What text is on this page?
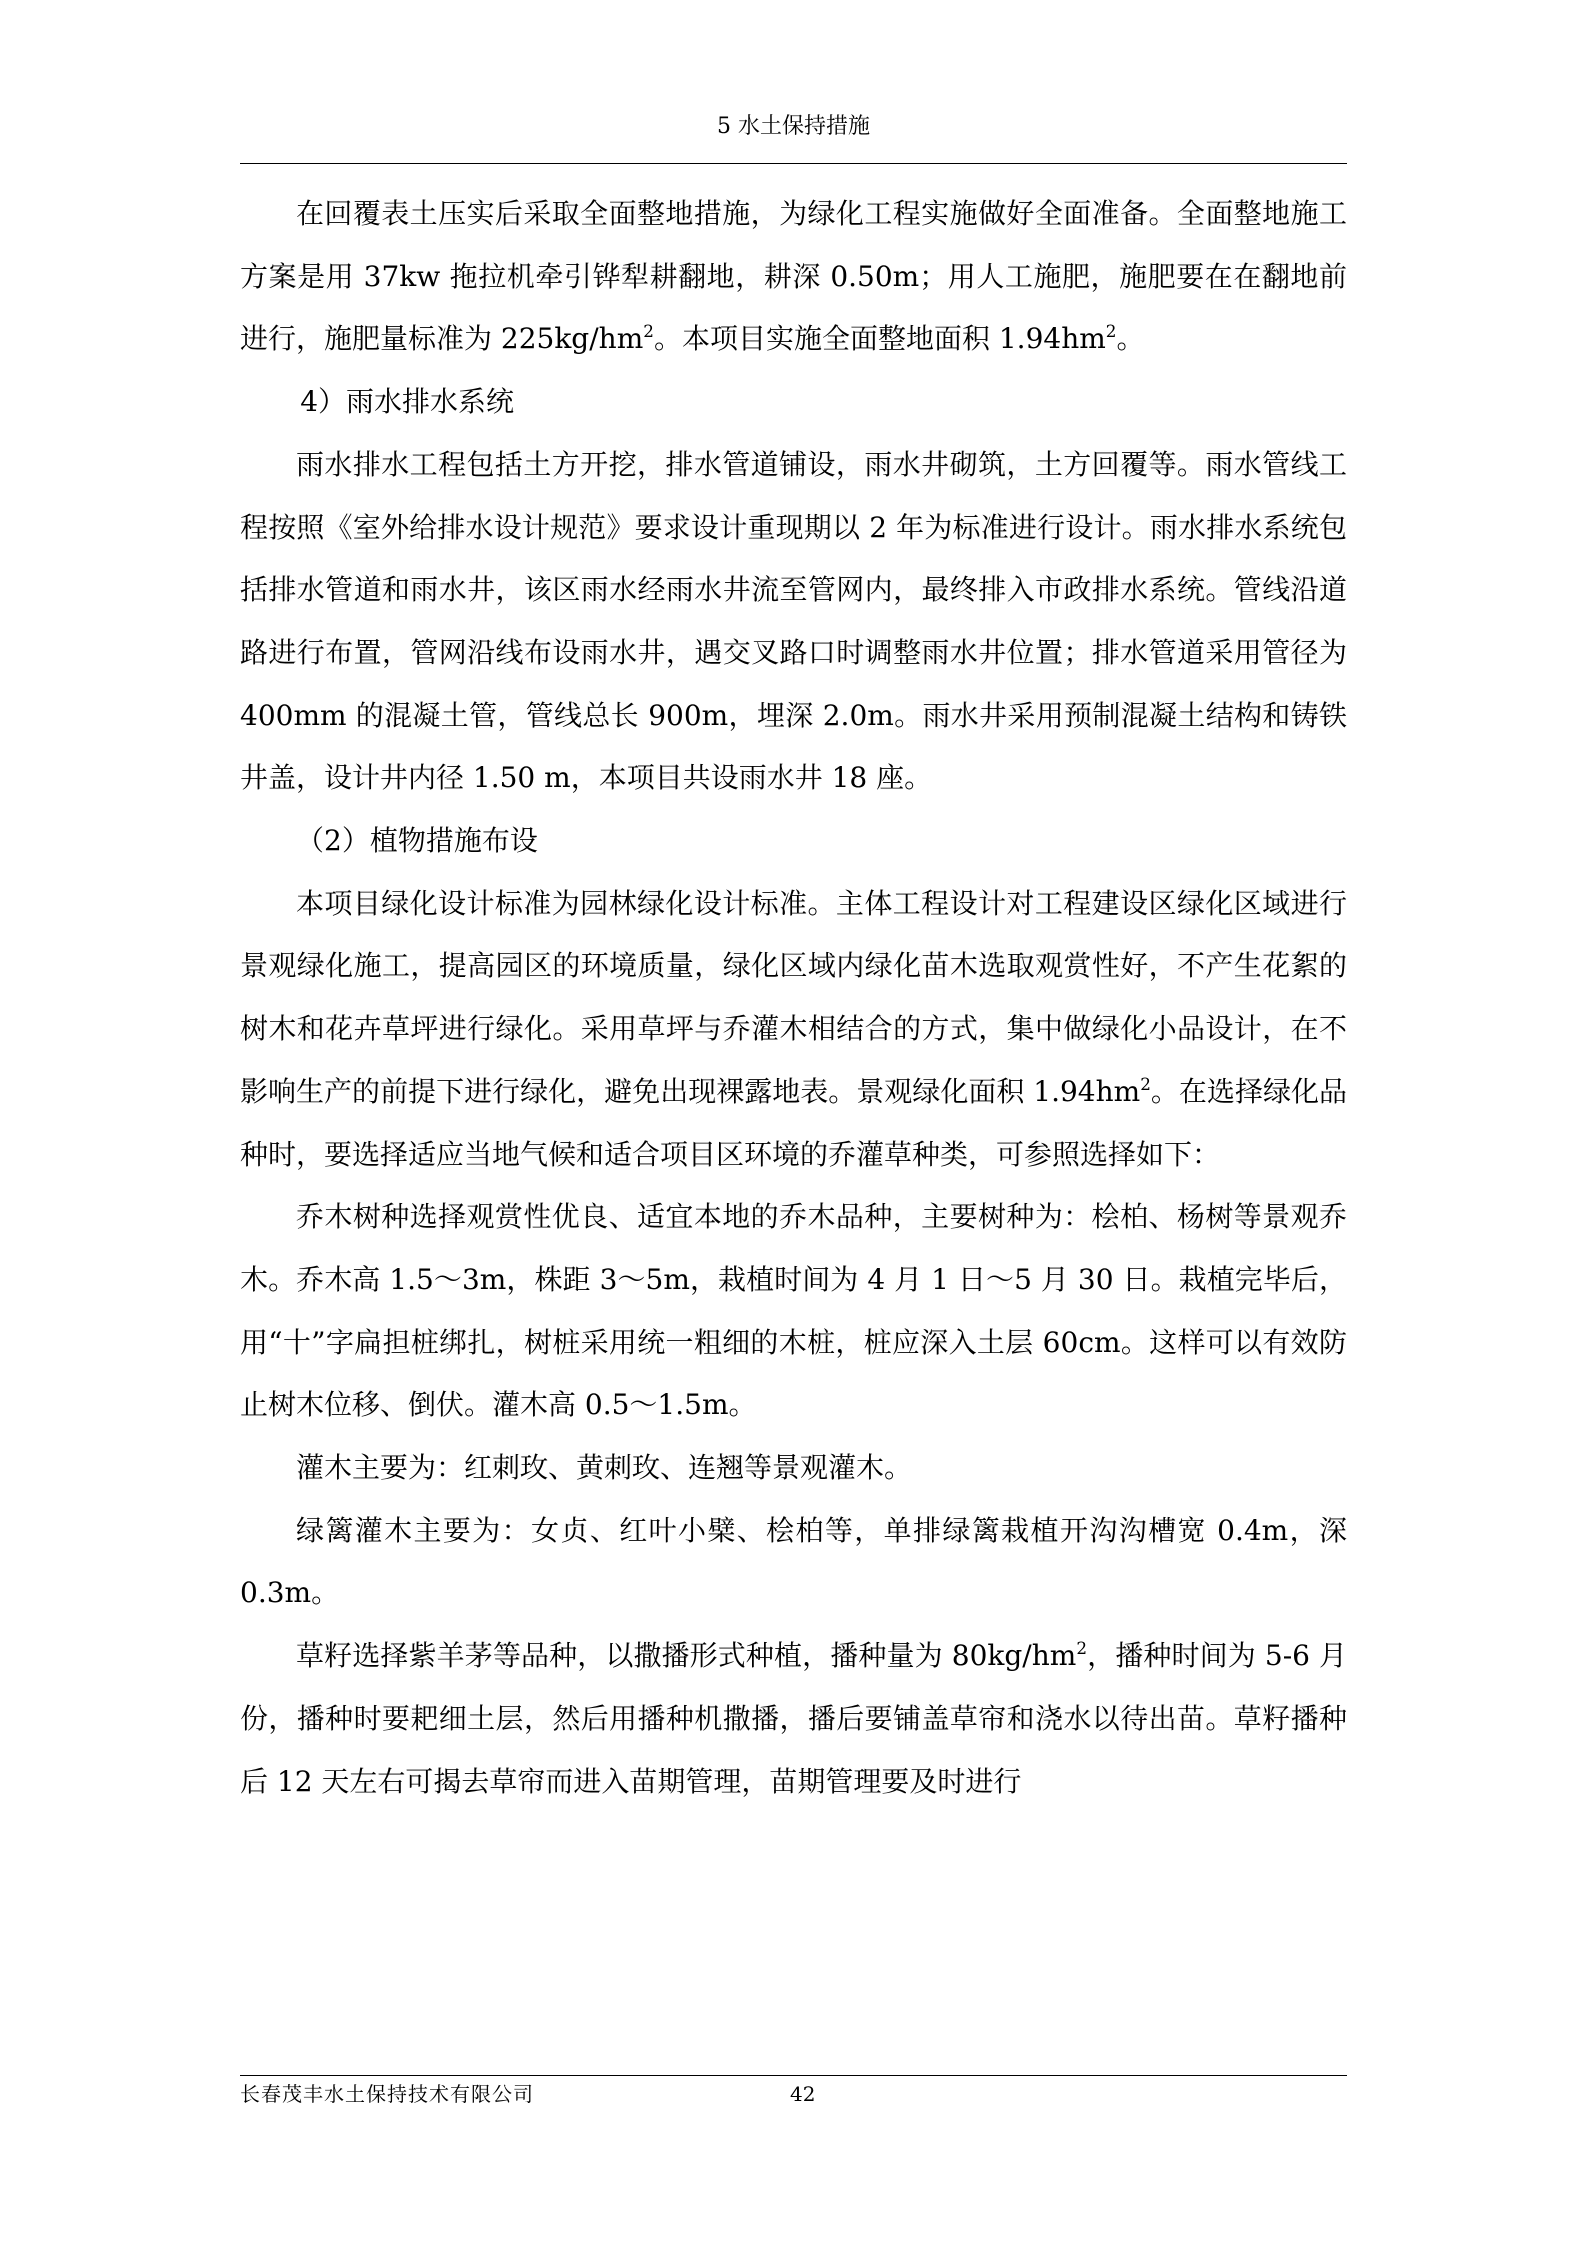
5 水土保持措施

在回覆表土压实后采取全面整地措施，为绿化工程实施做好全面准备。全面整地施工方案是用 37kw 拖拉机牵引铧犁耕翻地，耕深 0.50m；用人工施肥，施肥要在在翻地前进行，施肥量标准为 $225kg/hm^2$。本项目实施全面整地面积 $1.94hm^2$。

4）雨水排水系统

雨水排水工程包括土方开挖，排水管道铺设，雨水井砌筑，土方回覆等。雨水管线工程按照《室外给排水设计规范》要求设计重现期以 2 年为标准进行设计。雨水排水系统包括排水管道和雨水井，该区雨水经雨水井流至管网内，最终排入市政排水系统。管线沿道路进行布置，管网沿线布设雨水井，遇交叉路口时调整雨水井位置；排水管道采用管径为 400mm 的混凝土管，管线总长 900m，埋深 2.0m。雨水井采用预制混凝土结构和铸铁井盖，设计井内径 1.50 m，本项目共设雨水井 18 座。

（2）植物措施布设

本项目绿化设计标准为园林绿化设计标准。主体工程设计对工程建设区绿化区域进行景观绿化施工，提高园区的环境质量，绿化区域内绿化苗木选取观赏性好，不产生花絮的树木和花卉草坪进行绿化。采用草坪与乔灌木相结合的方式，集中做绿化小品设计，在不影响生产的前提下进行绿化，避免出现裸露地表。景观绿化面积 $1.94hm^2$。在选择绿化品种时，要选择适应当地气候和适合项目区环境的乔灌草种类，可参照选择如下：

乔木树种选择观赏性优良、适宜本地的乔木品种，主要树种为：桧柏、杨树等景观乔木。乔木高 1.5～3m，株距 3～5m，栽植时间为 4 月 1 日～5 月 30 日。栽植完毕后，用“十”字扁担桩绑扎，树桩采用统一粗细的木桩，桩应深入土层 60cm。这样可以有效防止树木位移、倒伏。灌木高 0.5～1.5m。

灌木主要为：红刺玫、黄刺玫、连翘等景观灌木。

绿篱灌木主要为：女贞、红叶小檗、桧柏等，单排绿篱栽植开沟沟槽宽 0.4m，深 0.3m。

草籽选择紫羊茅等品种，以撒播形式种植，播种量为 $80kg/hm^2$，播种时间为 5-6 月份，播种时要耙细土层，然后用播种机撒播，播后要铺盖草帘和浇水以待出苗。草籽播种后 12 天左右可揭去草帘而进入苗期管理，苗期管理要及时进行

长春茂丰水土保持技术有限公司	42
